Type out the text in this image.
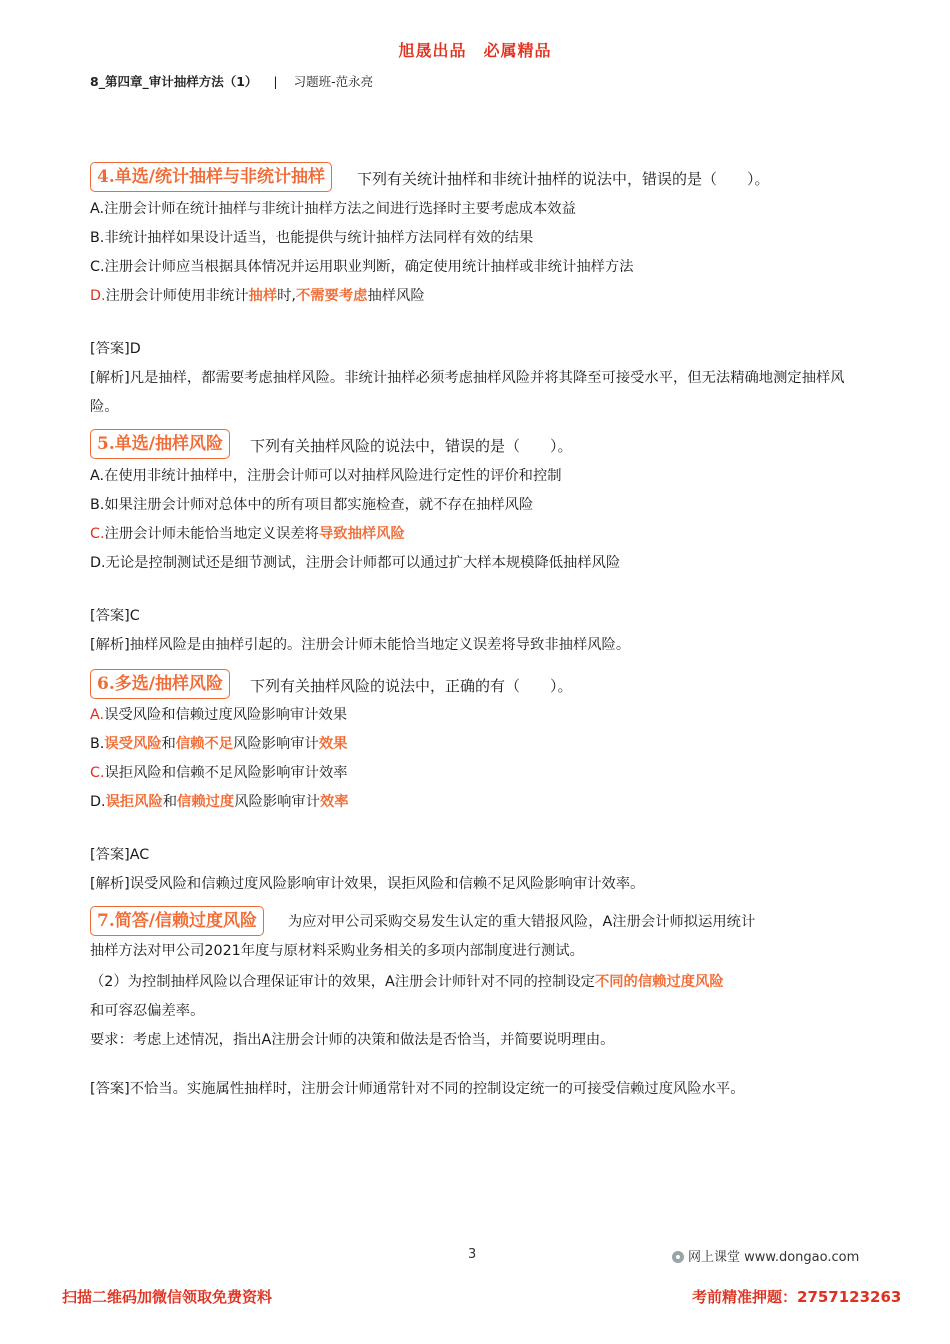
旭晟出品　必属精品
8_第四章_审计抽样方法（1） | 习题班-范永亮
4.单选/统计抽样与非统计抽样	下列有关统计抽样和非统计抽样的说法中，错误的是（　　）。
A.注册会计师在统计抽样与非统计抽样方法之间进行选择时主要考虑成本效益
B.非统计抽样如果设计适当，也能提供与统计抽样方法同样有效的结果
C.注册会计师应当根据具体情况并运用职业判断，确定使用统计抽样或非统计抽样方法
D.注册会计师使用非统计抽样时,不需要考虑抽样风险
[答案]D
[解析]凡是抽样，都需要考虑抽样风险。非统计抽样必须考虑抽样风险并将其降至可接受水平，但无法精确地测定抽样风险。
5.单选/抽样风险	下列有关抽样风险的说法中，错误的是（　　）。
A.在使用非统计抽样中，注册会计师可以对抽样风险进行定性的评价和控制
B.如果注册会计师对总体中的所有项目都实施检查，就不存在抽样风险
C.注册会计师未能恰当地定义误差将导致抽样风险
D.无论是控制测试还是细节测试，注册会计师都可以通过扩大样本规模降低抽样风险
[答案]C
[解析]抽样风险是由抽样引起的。注册会计师未能恰当地定义误差将导致非抽样风险。
6.多选/抽样风险	下列有关抽样风险的说法中，正确的有（　　）。
A.误受风险和信赖过度风险影响审计效果
B.误受风险和信赖不足风险影响审计效果
C.误拒风险和信赖不足风险影响审计效率
D.误拒风险和信赖过度风险影响审计效率
[答案]AC
[解析]误受风险和信赖过度风险影响审计效果，误拒风险和信赖不足风险影响审计效率。
7.简答/信赖过度风险	为应对甲公司采购交易发生认定的重大错报风险，A注册会计师拟运用统计
抽样方法对甲公司2021年度与原材料采购业务相关的多项内部制度进行测试。
（2）为控制抽样风险以合理保证审计的效果，A注册会计师针对不同的控制设定不同的信赖过度风险
和可容忍偏差率。
要求：考虑上述情况，指出A注册会计师的决策和做法是否恰当，并简要说明理由。
[答案]不恰当。实施属性抽样时，注册会计师通常针对不同的控制设定统一的可接受信赖过度风险水平。
3	网上课堂 www.dongao.com
扫描二维码加微信领取免费资料	考前精准押题：2757123263
